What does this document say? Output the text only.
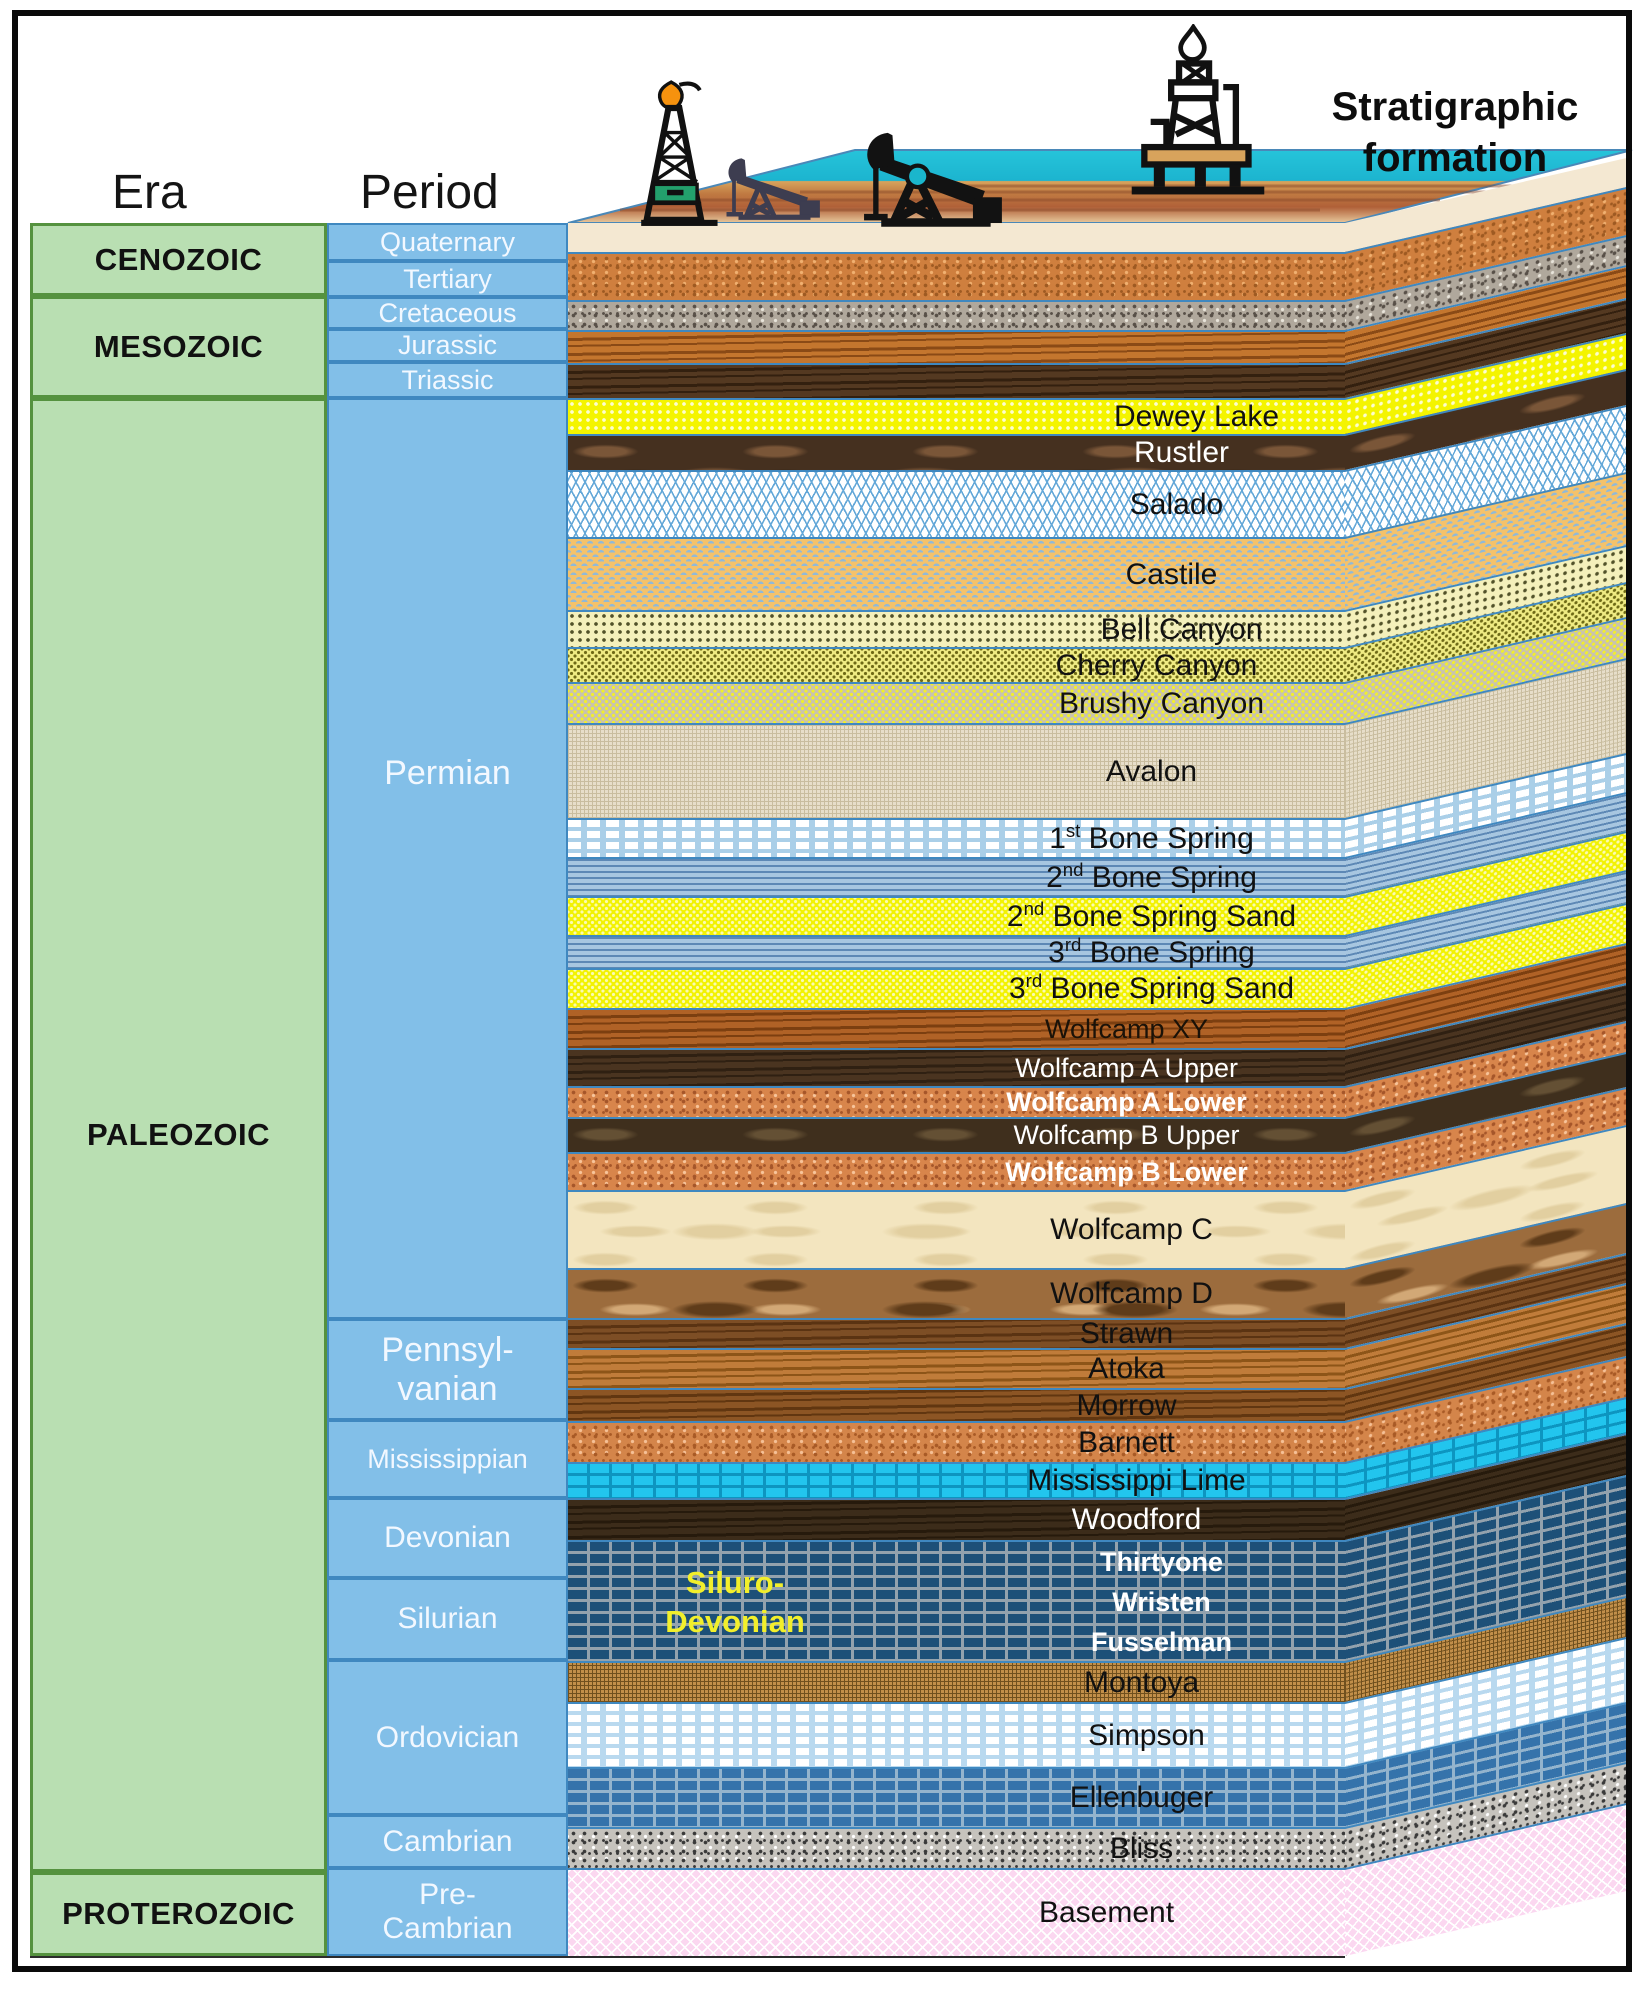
Era	Period
Stratigraphic
formation
CENOZOIC
MESOZOIC
PALEOZOIC
PROTEROZOIC
Quaternary
Tertiary
Cretaceous
Jurassic
Triassic
Permian
Pennsyl-
vanian
Mississippian
Devonian
Silurian
Ordovician
Cambrian
Pre-
Cambrian
Dewey Lake
Rustler
Salado
Castile
Bell Canyon
Cherry Canyon
Brushy Canyon
Avalon
1st Bone Spring
2nd Bone Spring
2nd Bone Spring Sand
3rd Bone Spring
3rd Bone Spring Sand
Wolfcamp XY
Wolfcamp A Upper
Wolfcamp A Lower
Wolfcamp B Upper
Wolfcamp B Lower
Wolfcamp C
Wolfcamp D
Strawn
Atoka
Morrow
Barnett
Mississippi Lime
Woodford
Thirtyone
Wristen
Fusselman
Siluro-
Devonian
Montoya
Simpson
Ellenbuger
Bliss
Basement
